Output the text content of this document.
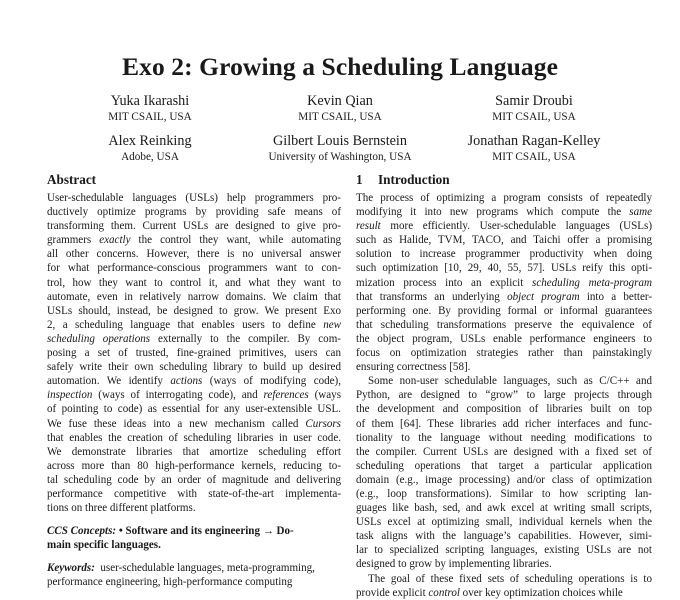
Exo 2: Growing a Scheduling Language
Yuka Ikarashi
MIT CSAIL, USA
Kevin Qian
MIT CSAIL, USA
Samir Droubi
MIT CSAIL, USA
Alex Reinking
Adobe, USA
Gilbert Louis Bernstein
University of Washington, USA
Jonathan Ragan-Kelley
MIT CSAIL, USA
Abstract
User-schedulable languages (USLs) help programmers pro-
ductively optimize programs by providing safe means of
transforming them. Current USLs are designed to give pro-
grammers exactly the control they want, while automating
all other concerns. However, there is no universal answer
for what performance-conscious programmers want to con-
trol, how they want to control it, and what they want to
automate, even in relatively narrow domains. We claim that
USLs should, instead, be designed to grow. We present Exo
2, a scheduling language that enables users to define new
scheduling operations externally to the compiler. By com-
posing a set of trusted, fine-grained primitives, users can
safely write their own scheduling library to build up desired
automation. We identify actions (ways of modifying code),
inspection (ways of interrogating code), and references (ways
of pointing to code) as essential for any user-extensible USL.
We fuse these ideas into a new mechanism called Cursors
that enables the creation of scheduling libraries in user code.
We demonstrate libraries that amortize scheduling effort
across more than 80 high-performance kernels, reducing to-
tal scheduling code by an order of magnitude and delivering
performance competitive with state-of-the-art implementa-
tions on three different platforms.
CCS Concepts: • Software and its engineering → Do-
main specific languages.
Keywords: user-schedulable languages, meta-programming,
performance engineering, high-performance computing
1 Introduction
The process of optimizing a program consists of repeatedly
modifying it into new programs which compute the same
result more efficiently. User-schedulable languages (USLs)
such as Halide, TVM, TACO, and Taichi offer a promising
solution to increase programmer productivity when doing
such optimization [10, 29, 40, 55, 57]. USLs reify this opti-
mization process into an explicit scheduling meta-program
that transforms an underlying object program into a better-
performing one. By providing formal or informal guarantees
that scheduling transformations preserve the equivalence of
the object program, USLs enable performance engineers to
focus on optimization strategies rather than painstakingly
ensuring correctness [58].
Some non-user schedulable languages, such as C/C++ and
Python, are designed to “grow” to large projects through
the development and composition of libraries built on top
of them [64]. These libraries add richer interfaces and func-
tionality to the language without needing modifications to
the compiler. Current USLs are designed with a fixed set of
scheduling operations that target a particular application
domain (e.g., image processing) and/or class of optimization
(e.g., loop transformations). Similar to how scripting lan-
guages like bash, sed, and awk excel at writing small scripts,
USLs excel at optimizing small, individual kernels when the
task aligns with the language’s capabilities. However, simi-
lar to specialized scripting languages, existing USLs are not
designed to grow by implementing libraries.
The goal of these fixed sets of scheduling operations is to
provide explicit control over key optimization choices while
